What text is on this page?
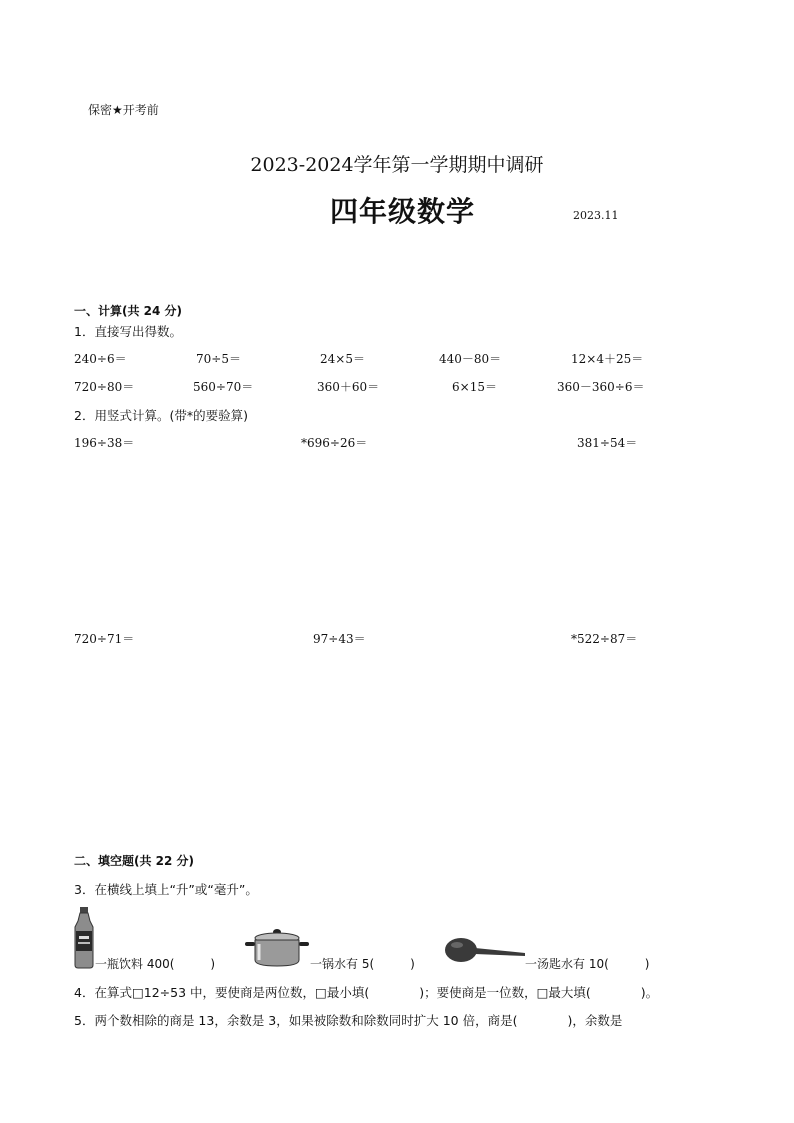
保密★开考前
2023-2024学年第一学期期中调研
四年级数学	2023.11
一、计算(共 24 分)
1．直接写出得数。
240÷6＝	70÷5＝	24×5＝	440－80＝	12×4＋25＝
720÷80＝	560÷70＝	360＋60＝	6×15＝	360－360÷6＝
2．用竖式计算。(带*的要验算)
196÷38＝	*696÷26＝	381÷54＝
720÷71＝	97÷43＝	*522÷87＝
二、填空题(共 22 分)
3．在横线上填上“升”或“毫升”。
一瓶饮料 400(　　　)	一锅水有 5(　　　)	一汤匙水有 10(　　　)
4．在算式□12÷53 中，要使商是两位数，□最小填(　　　　)；要使商是一位数，□最大填(　　　　)。
5．两个数相除的商是 13，余数是 3，如果被除数和除数同时扩大 10 倍，商是(　　　　)，余数是
